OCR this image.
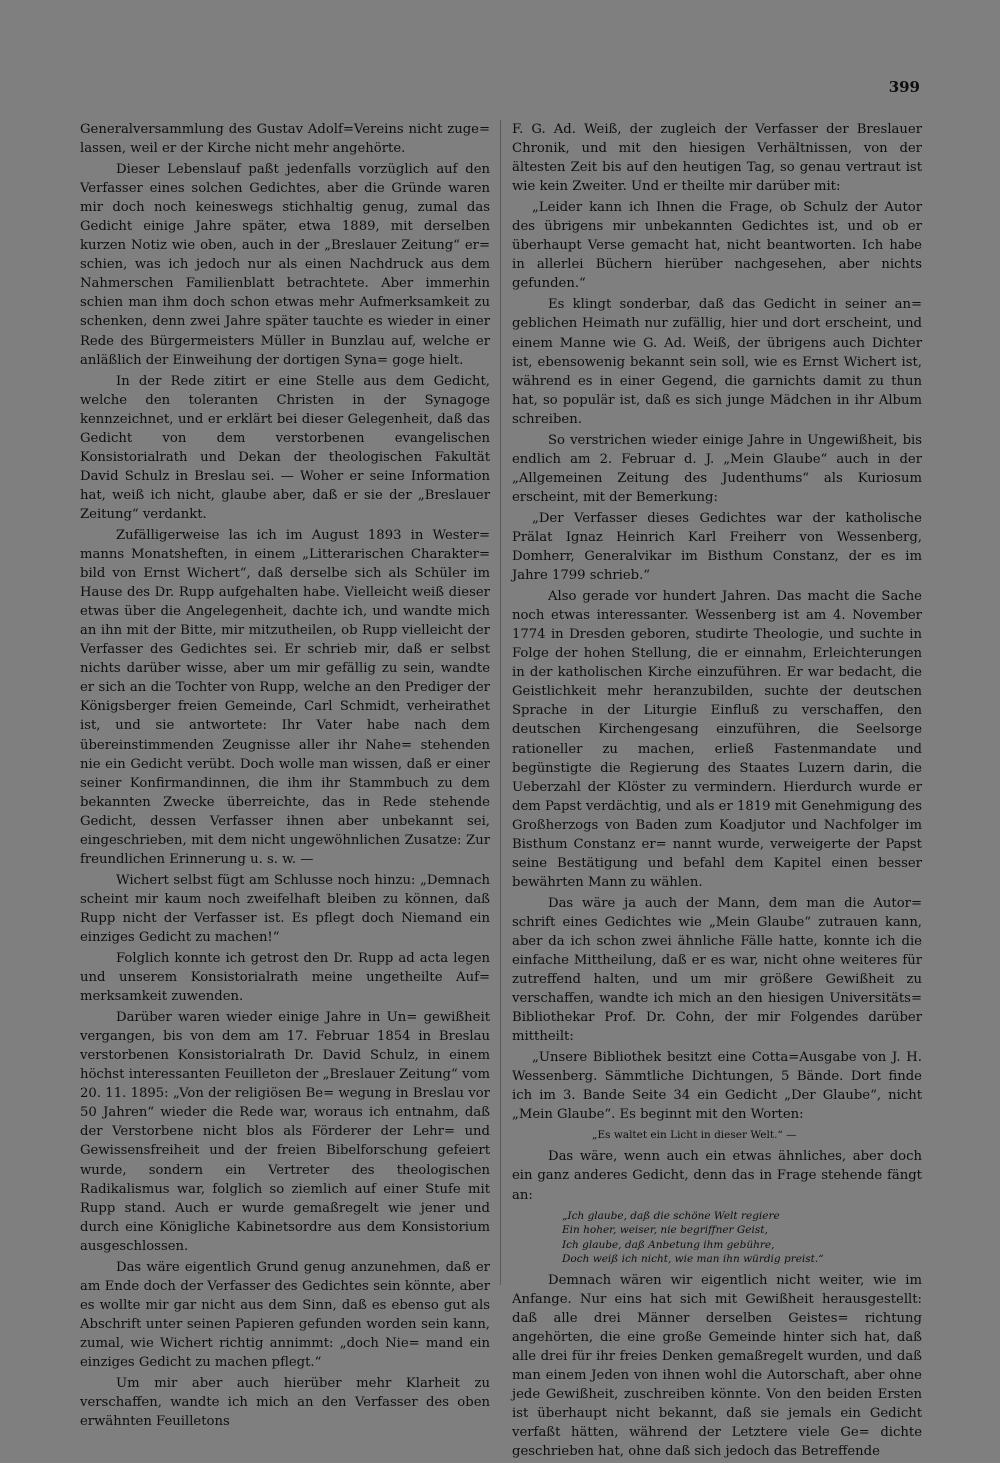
399

Generalversammlung des Gustav Adolf=Vereins nicht zuge= lassen, weil er der Kirche nicht mehr angehörte.

Dieser Lebenslauf paßt jedenfalls vorzüglich auf den Verfasser eines solchen Gedichtes, aber die Gründe waren mir doch noch keineswegs stichhaltig genug, zumal das Gedicht einige Jahre später, etwa 1889, mit derselben kurzen Notiz wie oben, auch in der „Breslauer Zeitung“ er= schien, was ich jedoch nur als einen Nachdruck aus dem Nahmerschen Familienblatt betrachtete. Aber immerhin schien man ihm doch schon etwas mehr Aufmerksamkeit zu schenken, denn zwei Jahre später tauchte es wieder in einer Rede des Bürgermeisters Müller in Bunzlau auf, welche er anläßlich der Einweihung der dortigen Syna= goge hielt.

In der Rede zitirt er eine Stelle aus dem Gedicht, welche den toleranten Christen in der Synagoge kennzeichnet, und er erklärt bei dieser Gelegenheit, daß das Gedicht von dem verstorbenen evangelischen Konsistorialrath und Dekan der theologischen Fakultät David Schulz in Breslau sei. — Woher er seine Information hat, weiß ich nicht, glaube aber, daß er sie der „Breslauer Zeitung“ verdankt.

Zufälligerweise las ich im August 1893 in Wester= manns Monatsheften, in einem „Litterarischen Charakter= bild von Ernst Wichert“, daß derselbe sich als Schüler im Hause des Dr. Rupp aufgehalten habe. Vielleicht weiß dieser etwas über die Angelegenheit, dachte ich, und wandte mich an ihn mit der Bitte, mir mitzutheilen, ob Rupp vielleicht der Verfasser des Gedichtes sei. Er schrieb mir, daß er selbst nichts darüber wisse, aber um mir gefällig zu sein, wandte er sich an die Tochter von Rupp, welche an den Prediger der Königsberger freien Gemeinde, Carl Schmidt, verheirathet ist, und sie antwortete: Ihr Vater habe nach dem übereinstimmenden Zeugnisse aller ihr Nahe= stehenden nie ein Gedicht verübt. Doch wolle man wissen, daß er einer seiner Konfirmandinnen, die ihm ihr Stammbuch zu dem bekannten Zwecke überreichte, das in Rede stehende Gedicht, dessen Verfasser ihnen aber unbekannt sei, eingeschrieben, mit dem nicht ungewöhnlichen Zusatze: Zur freundlichen Erinnerung u. s. w. —

Wichert selbst fügt am Schlusse noch hinzu: „Demnach scheint mir kaum noch zweifelhaft bleiben zu können, daß Rupp nicht der Verfasser ist. Es pflegt doch Niemand ein einziges Gedicht zu machen!“

Folglich konnte ich getrost den Dr. Rupp ad acta legen und unserem Konsistorialrath meine ungetheilte Auf= merksamkeit zuwenden.

Darüber waren wieder einige Jahre in Un= gewißheit vergangen, bis von dem am 17. Februar 1854 in Breslau verstorbenen Konsistorialrath Dr. David Schulz, in einem höchst interessanten Feuilleton der „Breslauer Zeitung“ vom 20. 11. 1895: „Von der religiösen Be= wegung in Breslau vor 50 Jahren“ wieder die Rede war, woraus ich entnahm, daß der Verstorbene nicht blos als Förderer der Lehr= und Gewissensfreiheit und der freien Bibelforschung gefeiert wurde, sondern ein Vertreter des theologischen Radikalismus war, folglich so ziemlich auf einer Stufe mit Rupp stand. Auch er wurde gemaßregelt wie jener und durch eine Königliche Kabinetsordre aus dem Konsistorium ausgeschlossen.

Das wäre eigentlich Grund genug anzunehmen, daß er am Ende doch der Verfasser des Gedichtes sein könnte, aber es wollte mir gar nicht aus dem Sinn, daß es ebenso gut als Abschrift unter seinen Papieren gefunden worden sein kann, zumal, wie Wichert richtig annimmt: „doch Nie= mand ein einziges Gedicht zu machen pflegt.“

Um mir aber auch hierüber mehr Klarheit zu verschaffen, wandte ich mich an den Verfasser des oben erwähnten Feuilletons

F. G. Ad. Weiß, der zugleich der Verfasser der Breslauer Chronik, und mit den hiesigen Verhältnissen, von der ältesten Zeit bis auf den heutigen Tag, so genau vertraut ist wie kein Zweiter. Und er theilte mir darüber mit:

„Leider kann ich Ihnen die Frage, ob Schulz der Autor des übrigens mir unbekannten Gedichtes ist, und ob er überhaupt Verse gemacht hat, nicht beantworten. Ich habe in allerlei Büchern hierüber nachgesehen, aber nichts gefunden.“

Es klingt sonderbar, daß das Gedicht in seiner an= geblichen Heimath nur zufällig, hier und dort erscheint, und einem Manne wie G. Ad. Weiß, der übrigens auch Dichter ist, ebensowenig bekannt sein soll, wie es Ernst Wichert ist, während es in einer Gegend, die garnichts damit zu thun hat, so populär ist, daß es sich junge Mädchen in ihr Album schreiben.

So verstrichen wieder einige Jahre in Ungewißheit, bis endlich am 2. Februar d. J. „Mein Glaube“ auch in der „Allgemeinen Zeitung des Judenthums“ als Kuriosum erscheint, mit der Bemerkung:

„Der Verfasser dieses Gedichtes war der katholische Prälat Ignaz Heinrich Karl Freiherr von Wessenberg, Domherr, Generalvikar im Bisthum Constanz, der es im Jahre 1799 schrieb.“

Also gerade vor hundert Jahren. Das macht die Sache noch etwas interessanter. Wessenberg ist am 4. November 1774 in Dresden geboren, studirte Theologie, und suchte in Folge der hohen Stellung, die er einnahm, Erleichterungen in der katholischen Kirche einzuführen. Er war bedacht, die Geistlichkeit mehr heranzubilden, suchte der deutschen Sprache in der Liturgie Einfluß zu verschaffen, den deutschen Kirchengesang einzuführen, die Seelsorge rationeller zu machen, erließ Fastenmandate und begünstigte die Regierung des Staates Luzern darin, die Ueberzahl der Klöster zu vermindern. Hierdurch wurde er dem Papst verdächtig, und als er 1819 mit Genehmigung des Großherzogs von Baden zum Koadjutor und Nachfolger im Bisthum Constanz er= nannt wurde, verweigerte der Papst seine Bestätigung und befahl dem Kapitel einen besser bewährten Mann zu wählen.

Das wäre ja auch der Mann, dem man die Autor= schrift eines Gedichtes wie „Mein Glaube“ zutrauen kann, aber da ich schon zwei ähnliche Fälle hatte, konnte ich die einfache Mittheilung, daß er es war, nicht ohne weiteres für zutreffend halten, und um mir größere Gewißheit zu verschaffen, wandte ich mich an den hiesigen Universitäts= Bibliothekar Prof. Dr. Cohn, der mir Folgendes darüber mittheilt:

„Unsere Bibliothek besitzt eine Cotta=Ausgabe von J. H. Wessenberg. Sämmtliche Dichtungen, 5 Bände. Dort finde ich im 3. Bande Seite 34 ein Gedicht „Der Glaube“, nicht „Mein Glaube“. Es beginnt mit den Worten:

„Es waltet ein Licht in dieser Welt.“ —

Das wäre, wenn auch ein etwas ähnliches, aber doch ein ganz anderes Gedicht, denn das in Frage stehende fängt an:

„Ich glaube, daß die schöne Welt regiere
Ein hoher, weiser, nie begriffner Geist,
Ich glaube, daß Anbetung ihm gebühre,
Doch weiß ich nicht, wie man ihn würdig preist.“

Demnach wären wir eigentlich nicht weiter, wie im Anfange. Nur eins hat sich mit Gewißheit herausgestellt: daß alle drei Männer derselben Geistes= richtung angehörten, die eine große Gemeinde hinter sich hat, daß alle drei für ihr freies Denken gemaßregelt wurden, und daß man einem Jeden von ihnen wohl die Autorschaft, aber ohne jede Gewißheit, zuschreiben könnte. Von den beiden Ersten ist überhaupt nicht bekannt, daß sie jemals ein Gedicht verfaßt hätten, während der Letztere viele Ge= dichte geschrieben hat, ohne daß sich jedoch das Betreffende
